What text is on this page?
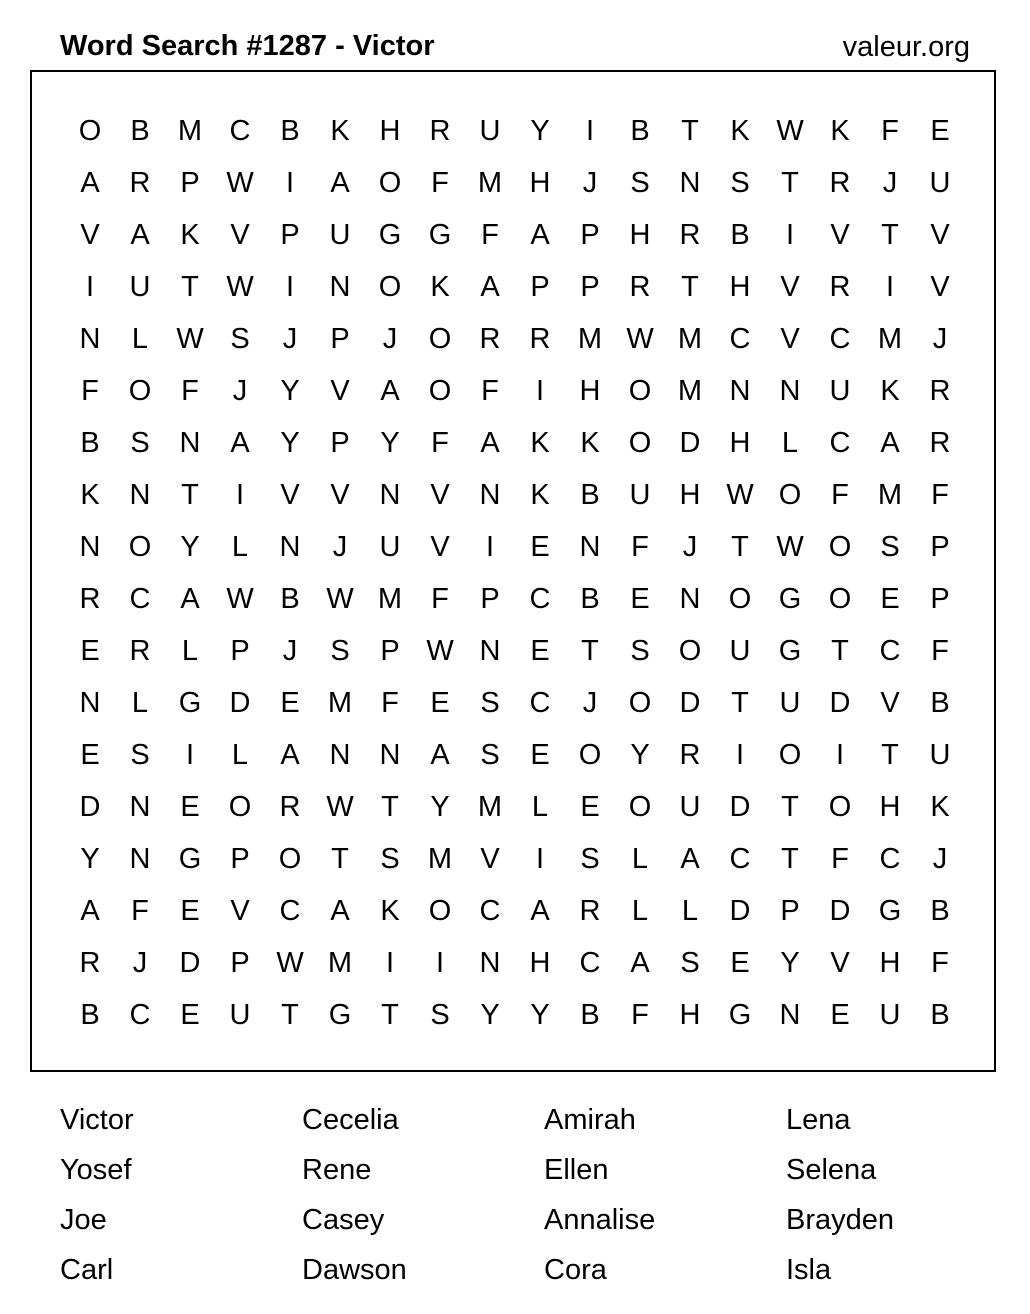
Word Search #1287 - Victor	valeur.org
O	B M C	B	K	H	R	U	Y	I	B	T	K W K	F	E
A	R	P W	I	A	O	F	M H	J	S	N	S	T	R	J	U
V	A	K	V	P	U G G	F	A	P	H	R	B	I	V	T	V
I	U	T W	I	N O	K	A	P	P	R	T	H	V	R	I	V
N	L W S	J	P	J	O R	R M W M C	V	C M	J
F	O	F	J	Y	V	A	O	F	I	H O M N	N	U	K	R
B	S	N	A	Y	P	Y	F	A	K	K	O D	H	L	C	A	R
K	N	T	I	V	V	N	V	N	K	B	U	H W O	F	M	F
N O	Y	L	N	J	U	V	I	E	N	F	J	T W O	S	P
R	C	A W B W M	F	P	C	B	E	N O G O	E	P
E	R	L	P	J	S	P W N	E	T	S	O U G	T	C	F
N	L	G D	E M	F	E	S	C	J	O D	T	U	D	V	B
E	S	I	L	A	N	N	A	S	E	O	Y	R	I	O	I	T	U
D	N	E	O R W T	Y M	L	E	O U	D	T	O H	K
Y	N G	P	O	T	S M V	I	S	L	A	C	T	F	C	J
A	F	E	V	C	A	K	O C	A	R	L	L	D	P	D G	B
R	J	D	P W M	I	I	N	H	C	A	S	E	Y	V	H	F
B	C	E	U	T	G	T	S	Y	Y	B	F	H G N	E	U	B
Victor	Cecelia	Amirah	Lena
Yosef	Rene	Ellen	Selena
Joe	Casey	Annalise	Brayden
Carl	Dawson	Cora	Isla
